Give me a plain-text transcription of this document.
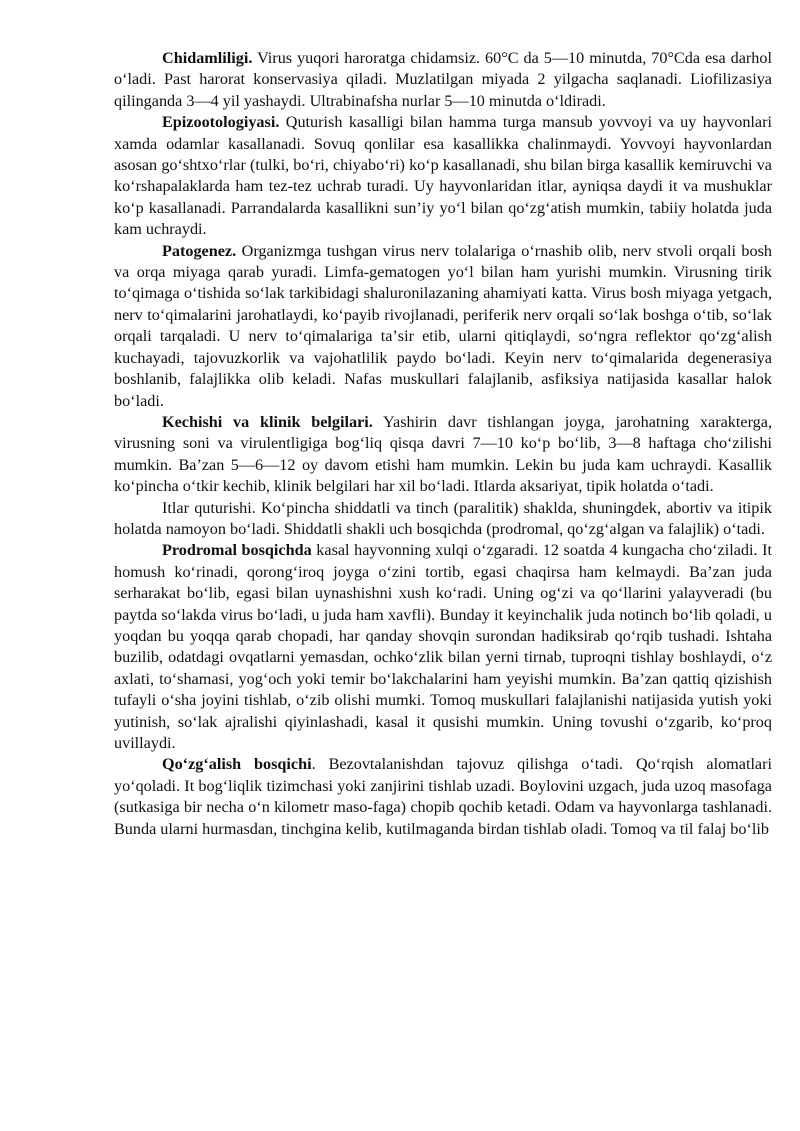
Chidamliligi. Virus yuqori haroratga chidamsiz. 60°C da 5—10 minutda, 70°Cda esa darhol oʻladi. Past harorat konservasiya qiladi. Muzlatilgan miyada 2 yilgacha saqlanadi. Liofilizasiya qilinganda 3—4 yil yashaydi. Ultrabinafsha nurlar 5—10 minutda oʻldiradi.

Epizootologiyasi. Quturish kasalligi bilan hamma turga mansub yovvoyi va uy hayvonlari xamda odamlar kasallanadi. Sovuq qonlilar esa kasallikka chalinmaydi. Yovvoyi hayvonlardan asosan goʻshtxoʻrlar (tulki, boʻri, chiyaboʻri) koʻp kasallanadi, shu bilan birga kasallik kemiruvchi va koʻrshapalaklarda ham tez-tez uchrab turadi. Uy hayvonlaridan itlar, ayniqsa daydi it va mushuklar koʻp kasallanadi. Parrandalarda kasallikni sunʼiy yoʻl bilan qoʻzgʻatish mumkin, tabiiy holatda juda kam uchraydi.

Patogenez. Organizmga tushgan virus nerv tolalariga oʻrnashib olib, nerv stvoli orqali bosh va orqa miyaga qarab yuradi. Limfa-gematogen yoʻl bilan ham yurishi mumkin. Virusning tirik toʻqimaga oʻtishida soʻlak tarkibidagi shaluronilazaning ahamiyati katta. Virus bosh miyaga yetgach, nerv toʻqimalarini jarohatlaydi, koʻpayib rivojlanadi, periferik nerv orqali soʻlak boshga oʻtib, soʻlak orqali tarqaladi. U nerv toʻqimalariga taʼsir etib, ularni qitiqlaydi, soʻngra reflektor qoʻzgʻalish kuchayadi, tajovuzkorlik va vajohatlilik paydo boʻladi. Keyin nerv toʻqimalarida degenerasiya boshlanib, falajlikka olib keladi. Nafas muskullari falajlanib, asfiksiya natijasida kasallar halok boʻladi.

Kechishi va klinik belgilari. Yashirin davr tishlangan joyga, jarohatning xarakterga, virusning soni va virulentligiga bogʻliq qisqa davri 7—10 koʻp boʻlib, 3—8 haftaga choʻzilishi mumkin. Baʼzan 5—6—12 oy davom etishi ham mumkin. Lekin bu juda kam uchraydi. Kasallik koʻpincha oʻtkir kechib, klinik belgilari har xil boʻladi. Itlarda aksariyat, tipik holatda oʻtadi.

Itlar quturishi. Koʻpincha shiddatli va tinch (paralitik) shaklda, shuningdek, abortiv va itipik holatda namoyon boʻladi. Shiddatli shakli uch bosqichda (prodromal, qoʻzgʻalgan va falajlik) oʻtadi.

Prodromal bosqichda kasal hayvonning xulqi oʻzgaradi. 12 soatda 4 kungacha choʻziladi. It homush koʻrinadi, qorongʻiroq joyga oʻzini tortib, egasi chaqirsa ham kelmaydi. Baʼzan juda serharakat boʻlib, egasi bilan uynashishni xush koʻradi. Uning ogʻzi va qoʻllarini yalayveradi (bu paytda soʻlakda virus boʻladi, u juda ham xavfli). Bunday it keyinchalik juda notinch boʻlib qoladi, u yoqdan bu yoqqa qarab chopadi, har qanday shovqin surondan hadiksirab qoʻrqib tushadi. Ishtaha buzilib, odatdagi ovqatlarni yemasdan, ochkoʻzlik bilan yerni tirnab, tuproqni tishlay boshlaydi, oʻz axlati, toʻshamasi, yogʻoch yoki temir boʻlakchalarini ham yeyishi mumkin. Baʼzan qattiq qizishish tufayli oʻsha joyini tishlab, oʻzib olishi mumki. Tomoq muskullari falajlanishi natijasida yutish yoki yutinish, soʻlak ajralishi qiyinlashadi, kasal it qusishi mumkin. Uning tovushi oʻzgarib, koʻproq uvillaydi.

Qoʻzgʻalish bosqichi. Bezovtalanishdan tajovuz qilishga oʻtadi. Qoʻrqish alomatlari yoʻqoladi. It bogʻliqlik tizimchasi yoki zanjirini tishlab uzadi. Boylovini uzgach, juda uzoq masofaga (sutkasiga bir necha oʻn kilometr maso-faga) chopib qochib ketadi. Odam va hayvonlarga tashlanadi. Bunda ularni hurmasdan, tinchgina kelib, kutilmaganda birdan tishlab oladi. Tomoq va til falaj boʻlib
